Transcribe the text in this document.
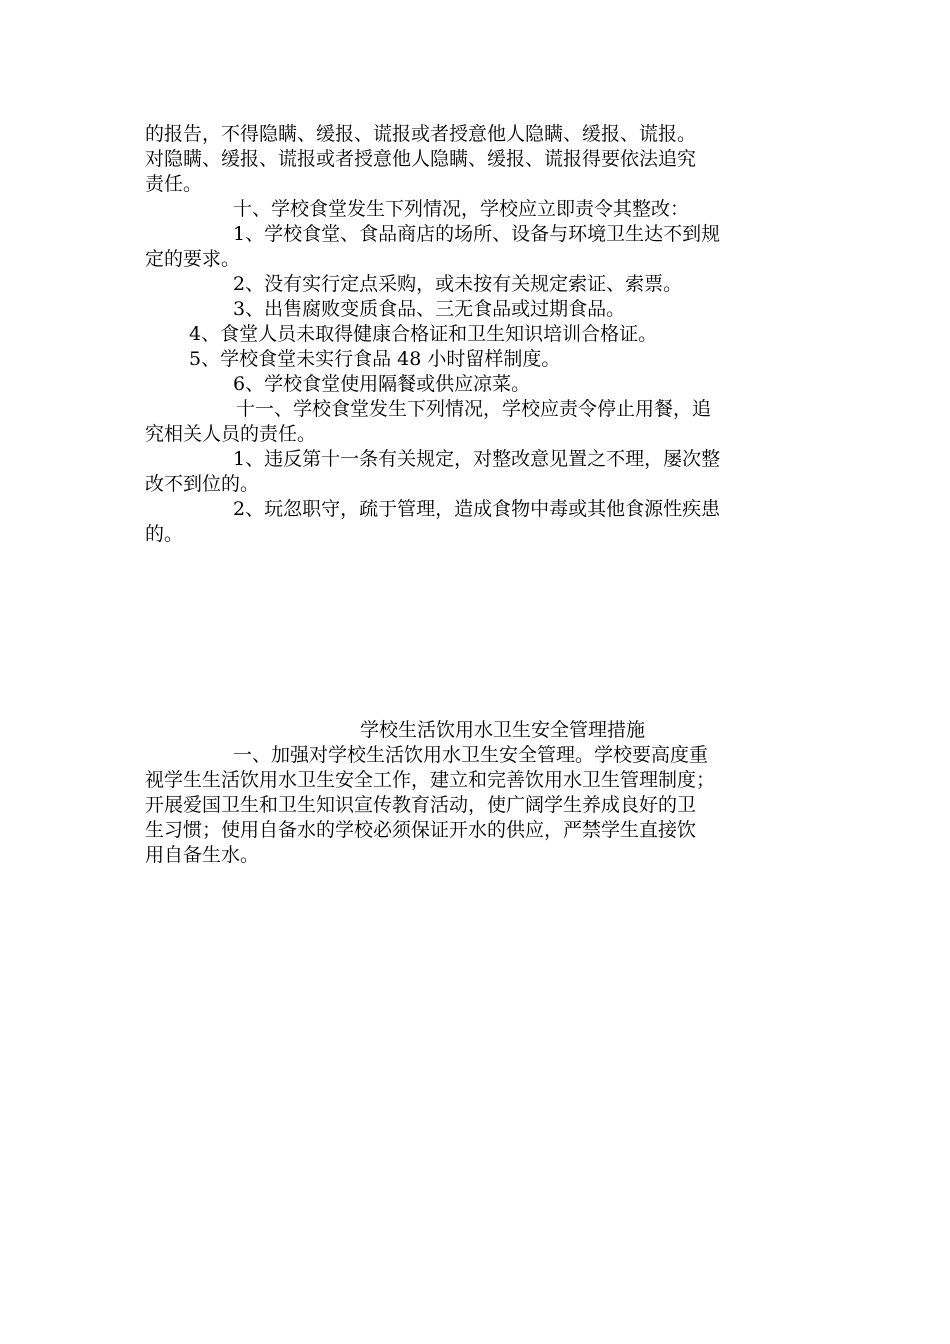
的报告，不得隐瞒、缓报、谎报或者授意他人隐瞒、缓报、谎报。
对隐瞒、缓报、谎报或者授意他人隐瞒、缓报、谎报得要依法追究
责任。
十、学校食堂发生下列情况，学校应立即责令其整改：
1、学校食堂、食品商店的场所、设备与环境卫生达不到规
定的要求。
2、没有实行定点采购，或未按有关规定索证、索票。
3、出售腐败变质食品、三无食品或过期食品。
4、食堂人员未取得健康合格证和卫生知识培训合格证。
5、学校食堂未实行食品 48 小时留样制度。
6、学校食堂使用隔餐或供应凉菜。
十一、学校食堂发生下列情况，学校应责令停止用餐，追
究相关人员的责任。
1、违反第十一条有关规定，对整改意见置之不理，屡次整
改不到位的。
2、玩忽职守，疏于管理，造成食物中毒或其他食源性疾患
的。
学校生活饮用水卫生安全管理措施
一、加强对学校生活饮用水卫生安全管理。学校要高度重
视学生生活饮用水卫生安全工作，建立和完善饮用水卫生管理制度；
开展爱国卫生和卫生知识宣传教育活动，使广阔学生养成良好的卫
生习惯；使用自备水的学校必须保证开水的供应，严禁学生直接饮
用自备生水。
